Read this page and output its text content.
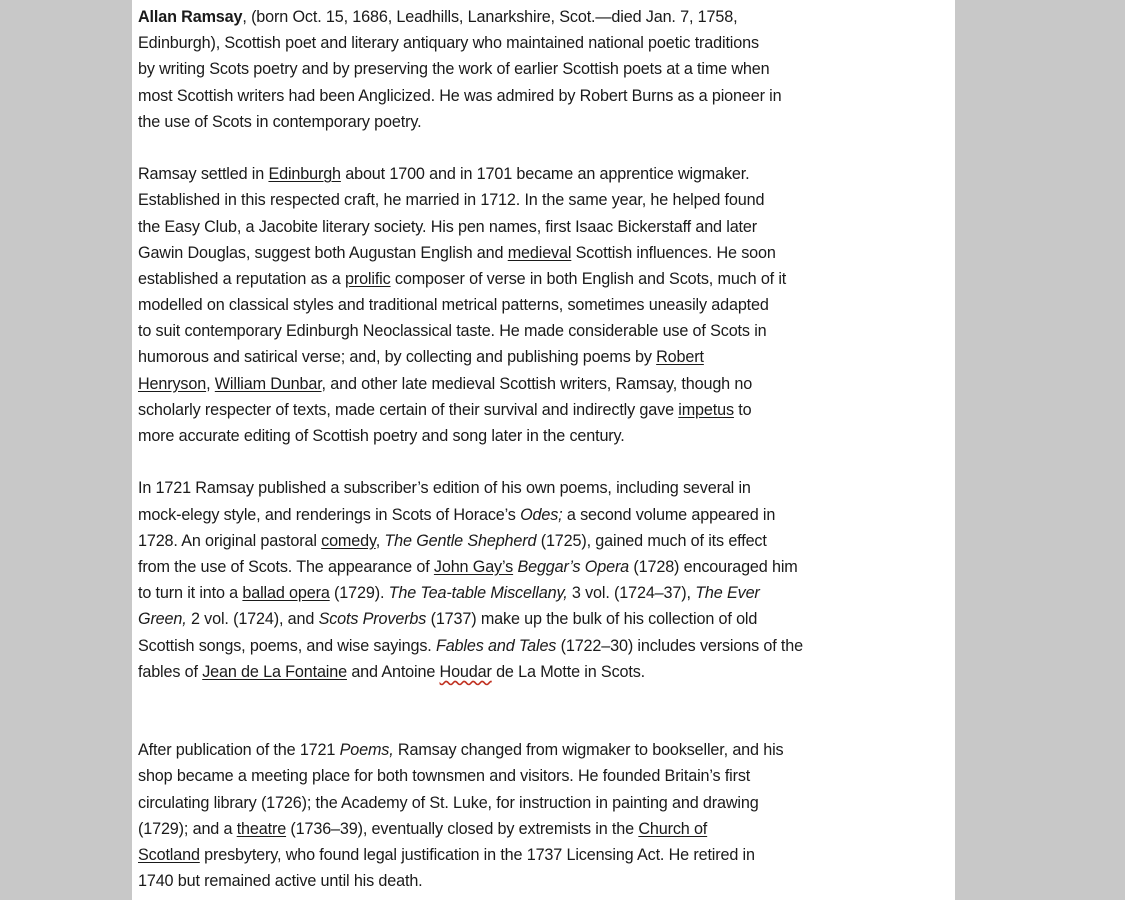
Allan Ramsay, (born Oct. 15, 1686, Leadhills, Lanarkshire, Scot.—died Jan. 7, 1758,
Edinburgh), Scottish poet and literary antiquary who maintained national poetic traditions
by writing Scots poetry and by preserving the work of earlier Scottish poets at a time when
most Scottish writers had been Anglicized. He was admired by Robert Burns as a pioneer in
the use of Scots in contemporary poetry.
Ramsay settled in Edinburgh about 1700 and in 1701 became an apprentice wigmaker.
Established in this respected craft, he married in 1712. In the same year, he helped found
the Easy Club, a Jacobite literary society. His pen names, first Isaac Bickerstaff and later
Gawin Douglas, suggest both Augustan English and medieval Scottish influences. He soon
established a reputation as a prolific composer of verse in both English and Scots, much of it
modelled on classical styles and traditional metrical patterns, sometimes uneasily adapted
to suit contemporary Edinburgh Neoclassical taste. He made considerable use of Scots in
humorous and satirical verse; and, by collecting and publishing poems by Robert
Henryson, William Dunbar, and other late medieval Scottish writers, Ramsay, though no
scholarly respecter of texts, made certain of their survival and indirectly gave impetus to
more accurate editing of Scottish poetry and song later in the century.
In 1721 Ramsay published a subscriber’s edition of his own poems, including several in
mock-elegy style, and renderings in Scots of Horace’s Odes; a second volume appeared in
1728. An original pastoral comedy, The Gentle Shepherd (1725), gained much of its effect
from the use of Scots. The appearance of John Gay’s Beggar’s Opera (1728) encouraged him
to turn it into a ballad opera (1729). The Tea-table Miscellany, 3 vol. (1724–37), The Ever
Green, 2 vol. (1724), and Scots Proverbs (1737) make up the bulk of his collection of old
Scottish songs, poems, and wise sayings. Fables and Tales (1722–30) includes versions of the
fables of Jean de La Fontaine and Antoine Houdar de La Motte in Scots.
After publication of the 1721 Poems, Ramsay changed from wigmaker to bookseller, and his
shop became a meeting place for both townsmen and visitors. He founded Britain’s first
circulating library (1726); the Academy of St. Luke, for instruction in painting and drawing
(1729); and a theatre (1736–39), eventually closed by extremists in the Church of
Scotland presbytery, who found legal justification in the 1737 Licensing Act. He retired in
1740 but remained active until his death.
